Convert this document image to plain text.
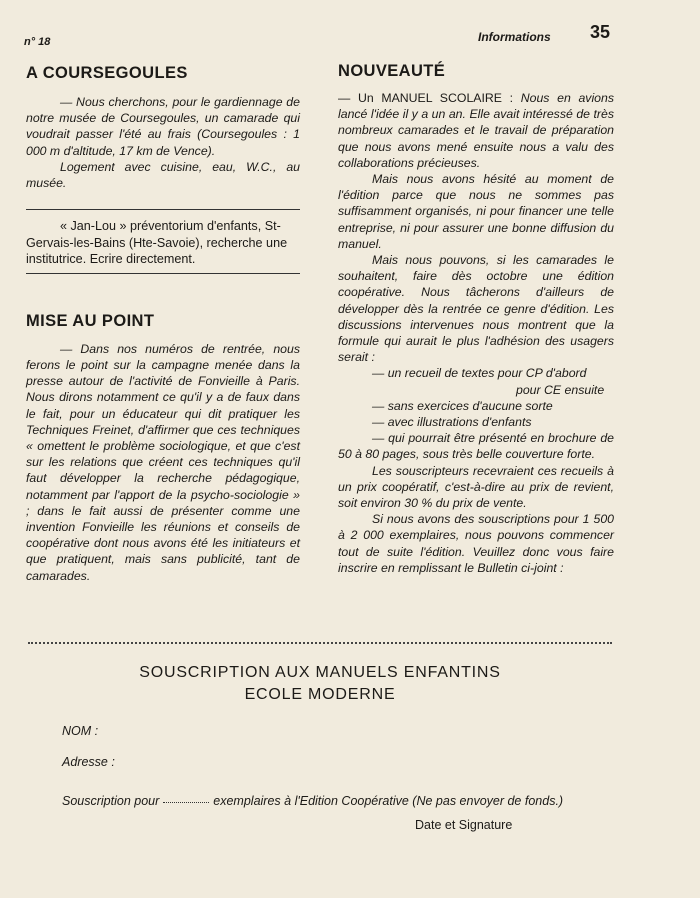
n° 18	Informations 35
A COURSEGOULES

— Nous cherchons, pour le gardiennage de notre musée de Coursegoules, un camarade qui voudrait passer l'été au frais (Coursegoules : 1 000 m d'altitude, 17 km de Vence).

Logement avec cuisine, eau, W.C., au musée.

« Jan-Lou » préventorium d'enfants, St-Gervais-les-Bains (Hte-Savoie), recherche une institutrice. Ecrire directement.

MISE AU POINT

— Dans nos numéros de rentrée, nous ferons le point sur la campagne menée dans la presse autour de l'activité de Fonvieille à Paris. Nous dirons notamment ce qu'il y a de faux dans le fait, pour un éducateur qui dit pratiquer les Techniques Freinet, d'affirmer que ces techniques « omettent le problème sociologique, et que c'est sur les relations que créent ces techniques qu'il faut développer la recherche pédagogique, notamment par l'apport de la psycho-sociologie » ; dans le fait aussi de présenter comme une invention Fonvieille les réunions et conseils de coopérative dont nous avons été les initiateurs et que pratiquent, mais sans publicité, tant de camarades.

NOUVEAUTÉ

— Un MANUEL SCOLAIRE : Nous en avions lancé l'idée il y a un an. Elle avait intéressé de très nombreux camarades et le travail de préparation que nous avons mené ensuite nous a valu des collaborations précieuses.

Mais nous avons hésité au moment de l'édition parce que nous ne sommes pas suffisamment organisés, ni pour financer une telle entreprise, ni pour assurer une bonne diffusion du manuel.

Mais nous pouvons, si les camarades le souhaitent, faire dès octobre une édition coopérative. Nous tâcherons d'ailleurs de développer dès la rentrée ce genre d'édition. Les discussions intervenues nous montrent que la formule qui aurait le plus l'adhésion des usagers serait :

— un recueil de textes pour CP d'abord

pour CE ensuite

— sans exercices d'aucune sorte

— avec illustrations d'enfants

— qui pourrait être présenté en brochure de 50 à 80 pages, sous très belle couverture forte.

Les souscripteurs recevraient ces recueils à un prix coopératif, c'est-à-dire au prix de revient, soit environ 30 % du prix de vente.

Si nous avons des souscriptions pour 1 500 à 2 000 exemplaires, nous pouvons commencer tout de suite l'édition. Veuillez donc vous faire inscrire en remplissant le Bulletin ci-joint :

SOUSCRIPTION AUX MANUELS ENFANTINS
ECOLE MODERNE
NOM :
Adresse :
Souscription pour	exemplaires à l'Edition Coopérative (Ne pas envoyer de fonds.)
Date et Signature
